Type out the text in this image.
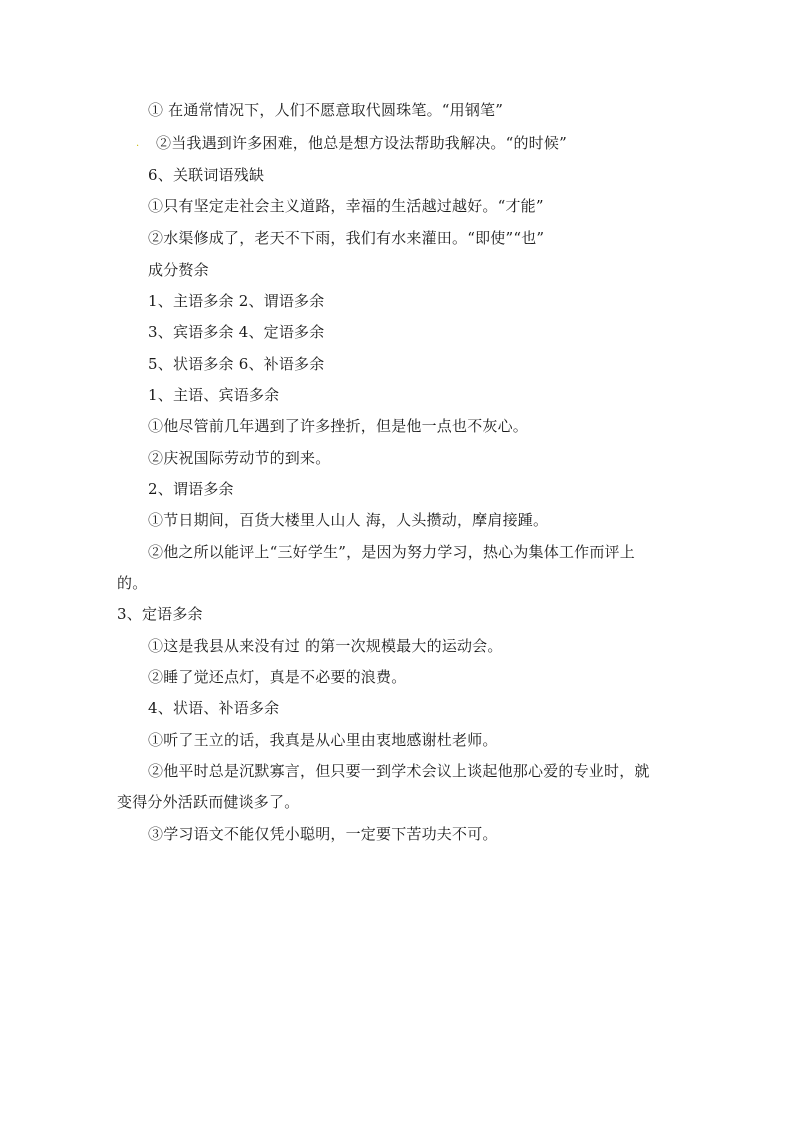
.
① 在通常情况下，人们不愿意取代圆珠笔。“用钢笔”
②当我遇到许多困难，他总是想方设法帮助我解决。“的时候”
6、关联词语残缺
①只有坚定走社会主义道路，幸福的生活越过越好。“才能”
②水渠修成了，老天不下雨，我们有水来灌田。“即使”“也”
成分赘余
1、主语多余 2、谓语多余
3、宾语多余 4、定语多余
5、状语多余 6、补语多余
1、主语、宾语多余
①他尽管前几年遇到了许多挫折，但是他一点也不灰心。
②庆祝国际劳动节的到来。
2、谓语多余
①节日期间，百货大楼里人山人 海，人头攒动，摩肩接踵。
②他之所以能评上“三好学生”，是因为努力学习，热心为集体工作而评上
的。
3、定语多余
①这是我县从来没有过 的第一次规模最大的运动会。
②睡了觉还点灯，真是不必要的浪费。
4、状语、补语多余
①听了王立的话，我真是从心里由衷地感谢杜老师。
②他平时总是沉默寡言，但只要一到学术会议上谈起他那心爱的专业时，就
变得分外活跃而健谈多了。
③学习语文不能仅凭小聪明，一定要下苦功夫不可。
